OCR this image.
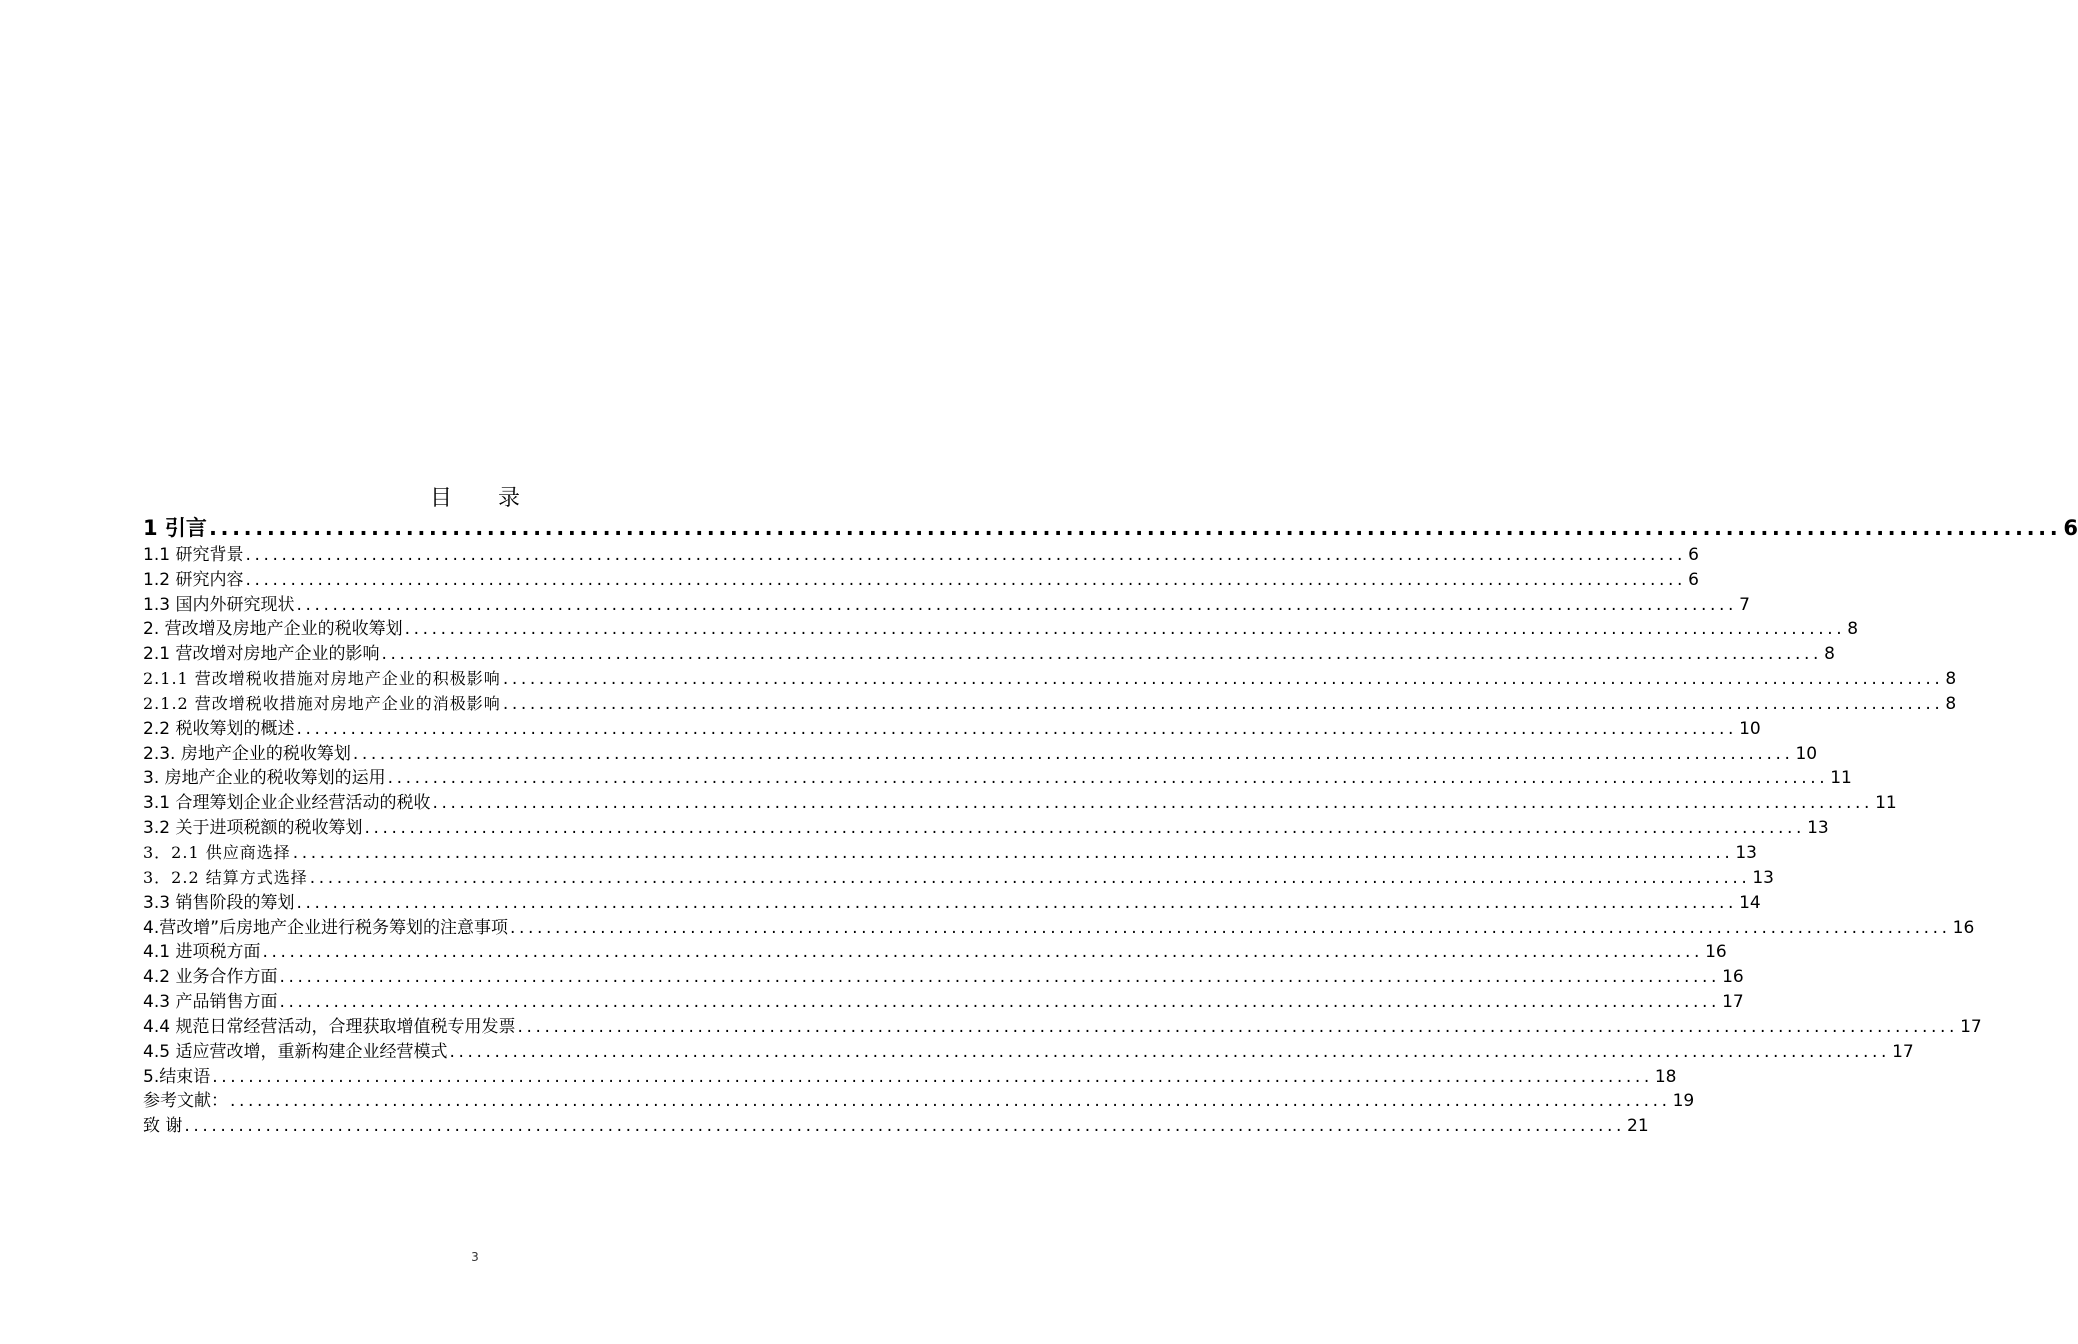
目 录
1 引言 ................................................................................................................................................................ 6
1.1 研究背景 ................................................................................................................................................................ 6
1.2 研究内容 ................................................................................................................................................................ 6
1.3 国内外研究现状 ................................................................................................................................................................ 7
2. 营改增及房地产企业的税收筹划 ................................................................................................................................................................ 8
2.1 营改增对房地产企业的影响 ................................................................................................................................................................ 8
2.1.1 营改增税收措施对房地产企业的积极影响 ................................................................................................................................................................ 8
2.1.2 营改增税收措施对房地产企业的消极影响 ................................................................................................................................................................ 8
2.2 税收筹划的概述 ................................................................................................................................................................ 10
2.3. 房地产企业的税收筹划 ................................................................................................................................................................ 10
3. 房地产企业的税收筹划的运用 ................................................................................................................................................................ 11
3.1 合理筹划企业企业经营活动的税收 ................................................................................................................................................................ 11
3.2 关于进项税额的税收筹划 ................................................................................................................................................................ 13
3．2.1 供应商选择 ................................................................................................................................................................ 13
3．2.2 结算方式选择 ................................................................................................................................................................ 13
3.3 销售阶段的筹划 ................................................................................................................................................................ 14
4.营改增”后房地产企业进行税务筹划的注意事项 ................................................................................................................................................................ 16
4.1 进项税方面 ................................................................................................................................................................ 16
4.2 业务合作方面 ................................................................................................................................................................ 16
4.3 产品销售方面 ................................................................................................................................................................ 17
4.4 规范日常经营活动，合理获取增值税专用发票 ................................................................................................................................................................ 17
4.5 适应营改增，重新构建企业经营模式 ................................................................................................................................................................ 17
5.结束语 ................................................................................................................................................................ 18
参考文献： ................................................................................................................................................................ 19
致 谢 ................................................................................................................................................................ 21
3
